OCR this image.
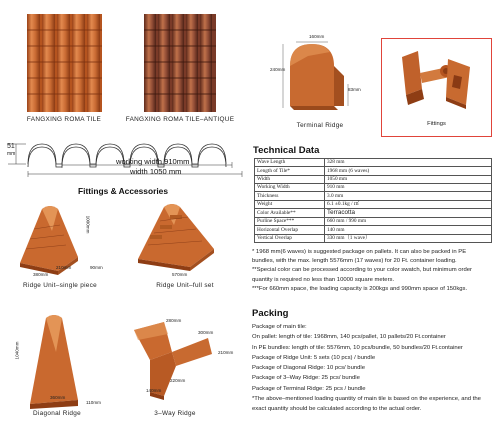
FANGXING ROMA TILE	FANGXING ROMA TILE–ANTIQUE
160mm
240mm
83mm
Terminal Ridge	Fittings
51
mm
working width 910mm
width 1050 mm
Fittings & Accessories
1000mm
210mm
380mm
90mm
Ridge Unit–single piece
570mm
Ridge Unit–full set
1040mm
360mm
110mm
Diagonal Ridge
280mm
300mm
210mm
140mm
220mm
3–Way Ridge
Technical Data
Wave Length	328 mm
Length of Tile*	1968 mm (6 waves)
Width	1050 mm
Working Width	910 mm
Thickness	3.0 mm
Weight	6.1 ±0.1kg / ㎡
Color Available**	Terracotta
Purline Space***	660 mm / 990 mm
Horizontal Overlap	140 mm
Vertical Overlap	330 mm（1 wave）

* 1968 mm(6 waves) is suggested package on pallets. It can also be packed in PE

bundles, with the max. length 5576mm (17 waves) for 20 Ft. container loading.

**Special color can be processed according to your color swatch, but minimum order

quantity is required no less than 10000 square meters.

***For 660mm space, the loading capacity is 200kgs and 990mm space of 150kgs.

Packing

Package of main tile:

On pallet: length of tile: 1968mm, 140 pcs/pallet, 10 pallets/20 Ft.container

In PE bundles: length of tile: 5576mm, 10 pcs/bundle, 50 bundles/20 Ft.container

Package of Ridge Unit: 5 sets (10 pcs) / bundle

Package of Diagonal Ridge: 10 pcs/ bundle

Package of 3–Way Ridge: 25 pcs/ bundle

Package of Terminal Ridge: 25 pcs / bundle

*The above–mentioned loading quantity of main tile is based on the experience, and the

exact quantity should be calculated according to the actual order.
